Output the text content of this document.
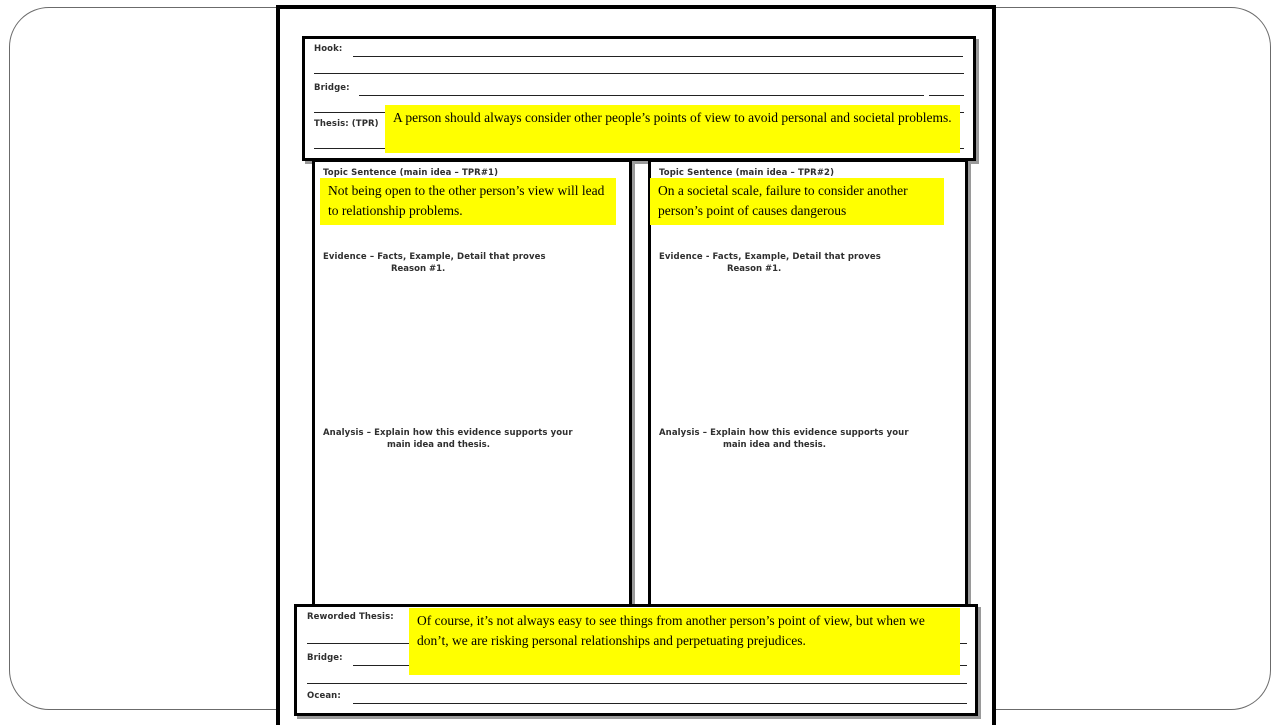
Hook:
Bridge:
Thesis: (TPR)
Topic Sentence (main idea – TPR#1)
Evidence – Facts, Example, Detail that proves
Reason #1.
Analysis – Explain how this evidence supports your
main idea and thesis.
Topic Sentence (main idea – TPR#2)
Evidence - Facts, Example, Detail that proves
Reason #1.
Analysis – Explain how this evidence supports your
main idea and thesis.
Reworded Thesis:
Bridge:
Ocean:
A person should always consider other people’s points of view to avoid personal and societal problems.
Not being open to the other person’s view will lead to relationship problems.
On a societal scale, failure to consider another person’s point of causes dangerous
Of course, it’s not always easy to see things from another person’s point of view, but when we don’t, we are risking personal relationships and perpetuating prejudices.
